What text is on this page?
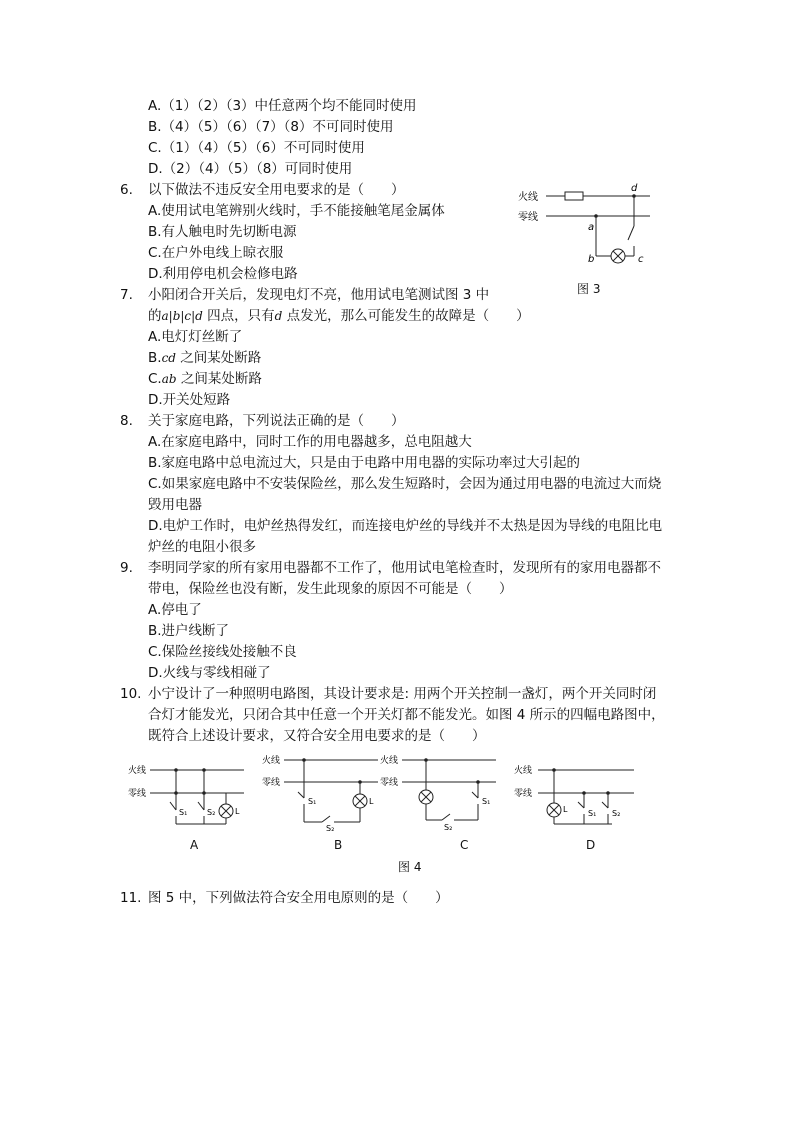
A.（1）（2）（3）中任意两个均不能同时使用
B.（4）（5）（6）（7）（8）不可同时使用
C.（1）（4）（5）（6）不可同时使用
D.（2）（4）（5）（8）可同时使用
6. 以下做法不违反安全用电要求的是（　　）
A.使用试电笔辨别火线时，手不能接触笔尾金属体
B.有人触电时先切断电源
C.在户外电线上晾衣服
D.利用停电机会检修电路
7. 小阳闭合开关后，发现电灯不亮，他用试电笔测试图 3 中
的a|b|c|d 四点，只有d 点发光，那么可能发生的故障是（　　）
A.电灯灯丝断了
B.cd 之间某处断路
C.ab 之间某处断路
D.开关处短路
8. 关于家庭电路，下列说法正确的是（　　）
A.在家庭电路中，同时工作的用电器越多，总电阻越大
B.家庭电路中总电流过大，只是由于电路中用电器的实际功率过大引起的
C.如果家庭电路中不安装保险丝，那么发生短路时，会因为通过用电器的电流过大而烧
毁用电器
D.电炉工作时，电炉丝热得发红，而连接电炉丝的导线并不太热是因为导线的电阻比电
炉丝的电阻小很多
9. 李明同学家的所有家用电器都不工作了，他用试电笔检查时，发现所有的家用电器都不
带电，保险丝也没有断，发生此现象的原因不可能是（　　）
A.停电了
B.进户线断了
C.保险丝接线处接触不良
D.火线与零线相碰了
10. 小宁设计了一种照明电路图，其设计要求是: 用两个开关控制一盏灯，两个开关同时闭
合灯才能发光，只闭合其中任意一个开关灯都不能发光。如图 4 所示的四幅电路图中，
既符合上述设计要求，又符合安全用电要求的是（　　）
11. 图 5 中，下列做法符合安全用电原则的是（　　）
火线
零线
d
a
b	c
图 3
火线
零线
S₁ S₂ L
A
火线
零线
S₁
S₂
L
B
火线
零线
S₁
S₂
C
火线
零线
L	S₁ S₂
D
图 4
